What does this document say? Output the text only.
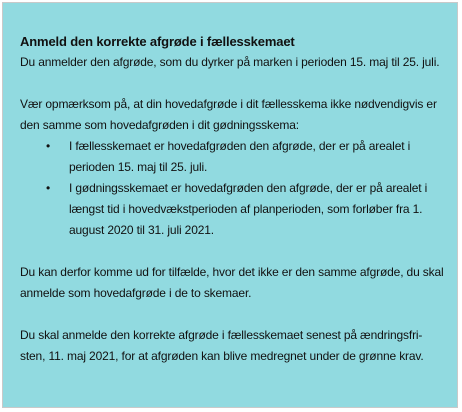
Anmeld den korrekte afgrøde i fællesskemaet

Du anmelder den afgrøde, som du dyrker på marken i perioden 15. maj til 25. juli.

Vær opmærksom på, at din hovedafgrøde i dit fællesskema ikke nødvendigvis er den samme som hovedafgrøden i dit gødningsskema:

• I fællesskemaet er hovedafgrøden den afgrøde, der er på arealet i perioden 15. maj til 25. juli.
• I gødningsskemaet er hovedafgrøden den afgrøde, der er på arealet i længst tid i hovedvækstperioden af planperioden, som forløber fra 1. august 2020 til 31. juli 2021.

Du kan derfor komme ud for tilfælde, hvor det ikke er den samme afgrøde, du skal anmelde som hovedafgrøde i de to skemaer.

Du skal anmelde den korrekte afgrøde i fællesskemaet senest på ændringsfri-sten, 11. maj 2021, for at afgrøden kan blive medregnet under de grønne krav.
